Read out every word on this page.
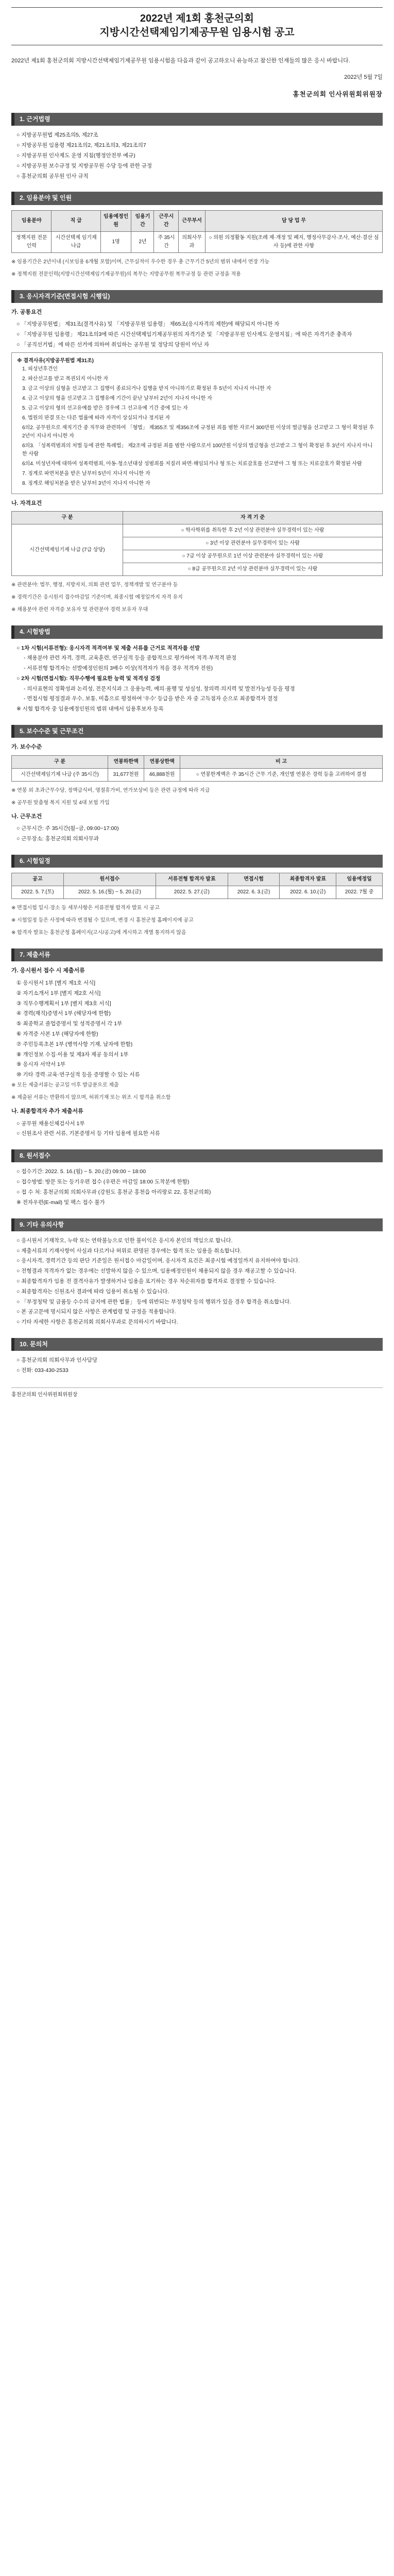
2022년 제1회 홍천군의회
지방시간선택제임기제공무원 임용시험 공고

2022년 제1회 홍천군의회 지방시간선택제임기제공무원 임용시험을 다음과 같이 공고하오니 유능하고 참신한 인재들의 많은 응시 바랍니다.

2022년 5월 7일
홍천군의회 인사위원회위원장
1. 근거법령
○ 지방공무원법 제25조의5, 제27조
○ 지방공무원 임용령 제21조의2, 제21조의3, 제21조의7
○ 지방공무원 인사제도 운영 지침(행정안전부 예규)
○ 지방공무원 보수규정 및 지방공무원 수당 등에 관한 규정
○ 홍천군의회 공무원 인사 규칙
2. 임용분야 및 인원
임용분야	직 급	임용예정인원	임용기간	근무시간	근무부서	담 당 업 무
정책지원 전문인력	시간선택제 임기제 나급	1명	2년	주 35시간	의회사무과	○ 의원 의정활동 지원(조례 제·개정 및 폐지, 행정사무감사·조사, 예산·결산 심사 등)에 관한 사항
※ 임용기간은 2년이내 (시보임용 6개월 포함)이며, 근무실적이 우수한 경우 총 근무기간 5년의 범위 내에서 연장 가능
※ 정책지원 전문인력(지방시간선택제임기제공무원)의 복무는 지방공무원 복무규정 등 관련 규정을 적용
3. 응시자격기준(면접시험 시행일)
가. 공통요건
○ 「지방공무원법」 제31조(결격사유) 및 「지방공무원 임용령」 제65조(응시자격의 제한)에 해당되지 아니한 자
○ 「지방공무원 임용령」 제21조의3에 따른 시간선택제임기제공무원의 자격기준 및 「지방공무원 인사제도 운영지침」에 따른 자격기준 충족자
○ 「공직선거법」에 따른 선거에 의하여 취임하는 공무원 및 정당의 당원이 아닌 자
※ 결격사유(지방공무원법 제31조)
1. 피성년후견인
2. 파산선고를 받고 복권되지 아니한 자
3. 금고 이상의 실형을 선고받고 그 집행이 종료되거나 집행을 받지 아니하기로 확정된 후 5년이 지나지 아니한 자
4. 금고 이상의 형을 선고받고 그 집행유예 기간이 끝난 날부터 2년이 지나지 아니한 자
5. 금고 이상의 형의 선고유예를 받은 경우에 그 선고유예 기간 중에 있는 자
6. 법원의 판결 또는 다른 법률에 따라 자격이 상실되거나 정지된 자
6의2. 공무원으로 재직기간 중 직무와 관련하여 「형법」 제355조 및 제356조에 규정된 죄를 범한 자로서 300만원 이상의 벌금형을 선고받고 그 형이 확정된 후 2년이 지나지 아니한 자
6의3. 「성폭력범죄의 처벌 등에 관한 특례법」 제2조에 규정된 죄를 범한 사람으로서 100만원 이상의 벌금형을 선고받고 그 형이 확정된 후 3년이 지나지 아니한 사람
6의4. 미성년자에 대하여 성폭력범죄, 아동·청소년대상 성범죄를 저질러 파면·해임되거나 형 또는 치료감호를 선고받아 그 형 또는 치료감호가 확정된 사람
7. 징계로 파면처분을 받은 날부터 5년이 지나지 아니한 자
8. 징계로 해임처분을 받은 날부터 3년이 지나지 아니한 자
나. 자격요건
구 분	자 격 기 준
시간선택제임기제 나급 (7급 상당)	○ 학사학위를 취득한 후 2년 이상 관련분야 실무경력이 있는 사람
	○ 3년 이상 관련분야 실무경력이 있는 사람
	○ 7급 이상 공무원으로 1년 이상 관련분야 실무경력이 있는 사람
	○ 8급 공무원으로 2년 이상 관련분야 실무경력이 있는 사람
※ 관련분야: 법무, 행정, 지방자치, 의회 관련 업무, 정책개발 및 연구분야 등
※ 경력기간은 응시원서 접수마감일 기준이며, 최종시험 예정일까지 자격 유지
※ 채용분야 관련 자격증 보유자 및 관련분야 경력 보유자 우대
4. 시험방법
○ 1차 시험(서류전형): 응시자격 적격여부 및 제출 서류를 근거로 적격자를 선발
- 채용분야 관련 자격, 경력, 교육훈련, 연구실적 등을 종합적으로 평가하여 적격·부적격 판정
- 서류전형 합격자는 선발예정인원의 3배수 이상(적격자가 적을 경우 적격자 전원)
○ 2차 시험(면접시험): 직무수행에 필요한 능력 및 적격성 검정
- 의사표현의 정확성과 논리성, 전문지식과 그 응용능력, 예의·품행 및 성실성, 창의력·의지력 및 발전가능성 등을 평정
- 면접시험 평정결과 우수, 보통, 미흡으로 평정하여 '우수' 등급을 받은 자 중 고득점자 순으로 최종합격자 결정
※ 시험 합격자 중 임용예정인원의 범위 내에서 임용후보자 등록
5. 보수수준 및 근무조건
가. 보수수준
구 분	연봉하한액	연봉상한액	비 고
시간선택제임기제 나급 (주 35시간)	31,677천원	46,888천원	○ 연봉한계액은 주 35시간 근무 기준, 개인별 연봉은 경력 등을 고려하여 결정
※ 연봉 외 초과근무수당, 정액급식비, 명절휴가비, 연가보상비 등은 관련 규정에 따라 지급
※ 공무원 맞춤형 복지 지원 및 4대 보험 가입
나. 근무조건
○ 근무시간: 주 35시간(월~금, 09:00~17:00)
○ 근무장소: 홍천군의회 의회사무과
6. 시험일정
공고	원서접수	서류전형 합격자 발표	면접시험	최종합격자 발표	임용예정일
2022. 5. 7.(토)	2022. 5. 16.(월) ~ 5. 20.(금)	2022. 5. 27.(금)	2022. 6. 3.(금)	2022. 6. 10.(금)	2022. 7월 중
※ 면접시험 일시·장소 등 세부사항은 서류전형 합격자 발표 시 공고
※ 시험일정 등은 사정에 따라 변경될 수 있으며, 변경 시 홍천군청 홈페이지에 공고
※ 합격자 발표는 홍천군청 홈페이지(고시/공고)에 게시하고 개별 통지하지 않음
7. 제출서류
가. 응시원서 접수 시 제출서류
① 응시원서 1부 [별지 제1호 서식]
② 자기소개서 1부 [별지 제2호 서식]
③ 직무수행계획서 1부 [별지 제3호 서식]
④ 경력(재직)증명서 1부 (해당자에 한함)
⑤ 최종학교 졸업증명서 및 성적증명서 각 1부
⑥ 자격증 사본 1부 (해당자에 한함)
⑦ 주민등록초본 1부 (병역사항 기재, 남자에 한함)
⑧ 개인정보 수집·이용 및 제3자 제공 동의서 1부
⑨ 응시자 서약서 1부
⑩ 기타 경력·교육·연구실적 등을 증명할 수 있는 서류
※ 모든 제출서류는 공고일 이후 발급분으로 제출
※ 제출된 서류는 반환하지 않으며, 허위기재 또는 위조 시 합격을 취소함
나. 최종합격자 추가 제출서류
○ 공무원 채용신체검사서 1부
○ 신원조사 관련 서류, 기본증명서 등 기타 임용에 필요한 서류
8. 원서접수
○ 접수기간: 2022. 5. 16.(월) ~ 5. 20.(금) 09:00 ~ 18:00
○ 접수방법: 방문 또는 등기우편 접수 (우편은 마감일 18:00 도착분에 한함)
○ 접 수 처: 홍천군의회 의회사무과 (강원도 홍천군 홍천읍 아리랑로 22, 홍천군의회)
※ 전자우편(E-mail) 및 팩스 접수 불가
9. 기타 유의사항
○ 응시원서 기재착오, 누락 또는 연락불능으로 인한 불이익은 응시자 본인의 책임으로 합니다.
○ 제출서류의 기재사항이 사실과 다르거나 허위로 판명된 경우에는 합격 또는 임용을 취소합니다.
○ 응시자격, 경력기간 등의 판단 기준일은 원서접수 마감일이며, 응시자격 요건은 최종시험 예정일까지 유지하여야 합니다.
○ 전형결과 적격자가 없는 경우에는 선발하지 않을 수 있으며, 임용예정인원이 채용되지 않을 경우 재공고할 수 있습니다.
○ 최종합격자가 임용 전 결격사유가 발생하거나 임용을 포기하는 경우 차순위자를 합격자로 결정할 수 있습니다.
○ 최종합격자는 신원조사 결과에 따라 임용이 취소될 수 있습니다.
○ 「부정청탁 및 금품등 수수의 금지에 관한 법률」 등에 위반되는 부정청탁 등의 행위가 있을 경우 합격을 취소합니다.
○ 본 공고문에 명시되지 않은 사항은 관계법령 및 규정을 적용합니다.
○ 기타 자세한 사항은 홍천군의회 의회사무과로 문의하시기 바랍니다.
10. 문의처
○ 홍천군의회 의회사무과 인사담당
○ 전화: 033-430-2533
홍천군의회 인사위원회위원장
